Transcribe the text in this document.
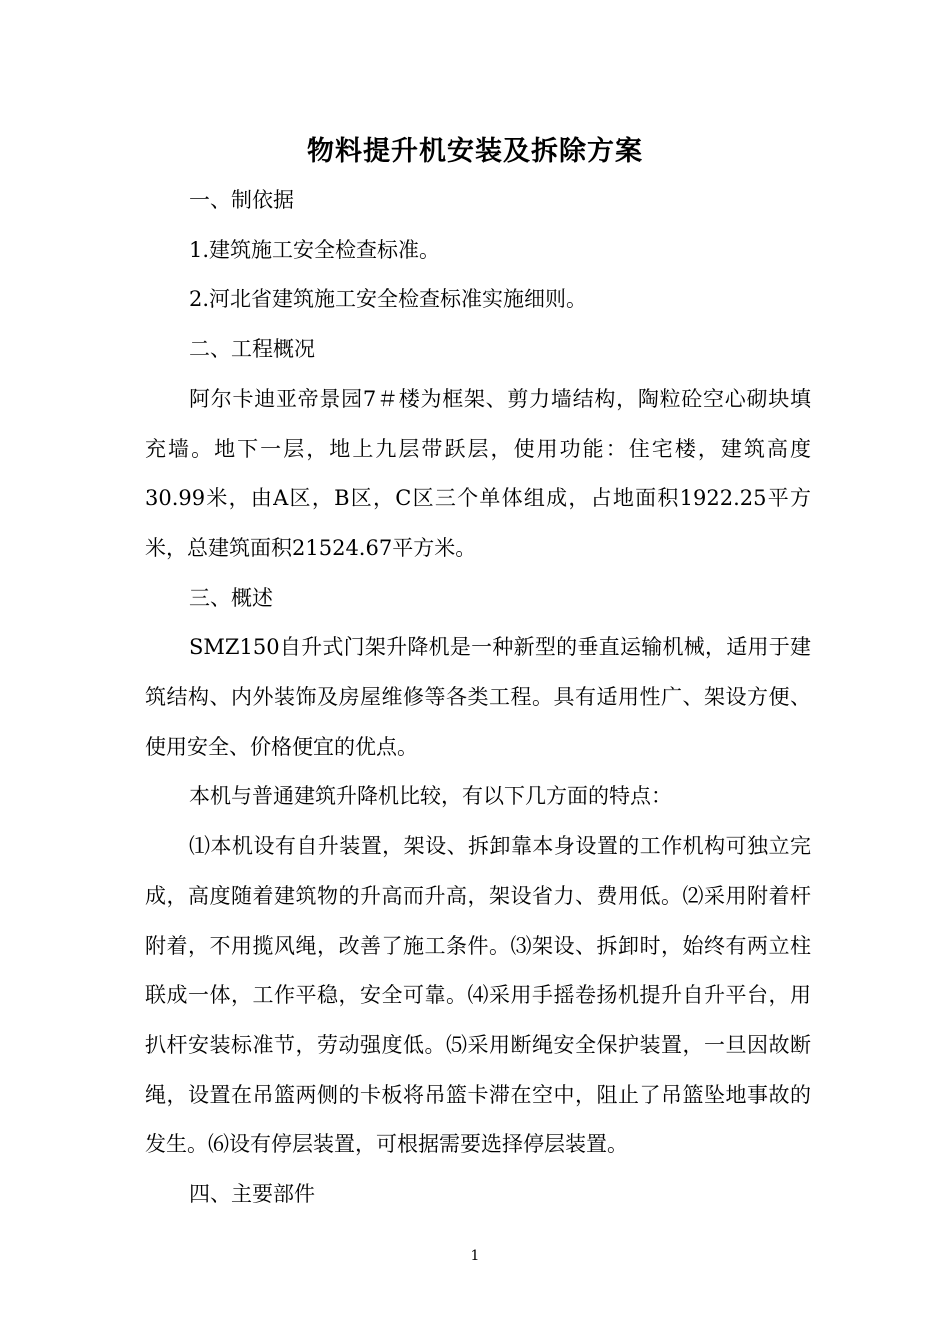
物料提升机安装及拆除方案

一、制依据

1.建筑施工安全检查标准。

2.河北省建筑施工安全检查标准实施细则。

二、工程概况

阿尔卡迪亚帝景园7＃楼为框架、剪力墙结构，陶粒砼空心砌块填充墙。地下一层，地上九层带跃层，使用功能：住宅楼，建筑高度30.99米，由A区，B区，C区三个单体组成，占地面积1922.25平方米，总建筑面积21524.67平方米。

三、概述

SMZ150自升式门架升降机是一种新型的垂直运输机械，适用于建筑结构、内外装饰及房屋维修等各类工程。具有适用性广、架设方便、使用安全、价格便宜的优点。

本机与普通建筑升降机比较，有以下几方面的特点：

⑴本机设有自升装置，架设、拆卸靠本身设置的工作机构可独立完成，高度随着建筑物的升高而升高，架设省力、费用低。⑵采用附着杆附着，不用揽风绳，改善了施工条件。⑶架设、拆卸时，始终有两立柱联成一体，工作平稳，安全可靠。⑷采用手摇卷扬机提升自升平台，用扒杆安装标准节，劳动强度低。⑸采用断绳安全保护装置，一旦因故断绳，设置在吊篮两侧的卡板将吊篮卡滞在空中，阻止了吊篮坠地事故的发生。⑹设有停层装置，可根据需要选择停层装置。

四、主要部件

1
